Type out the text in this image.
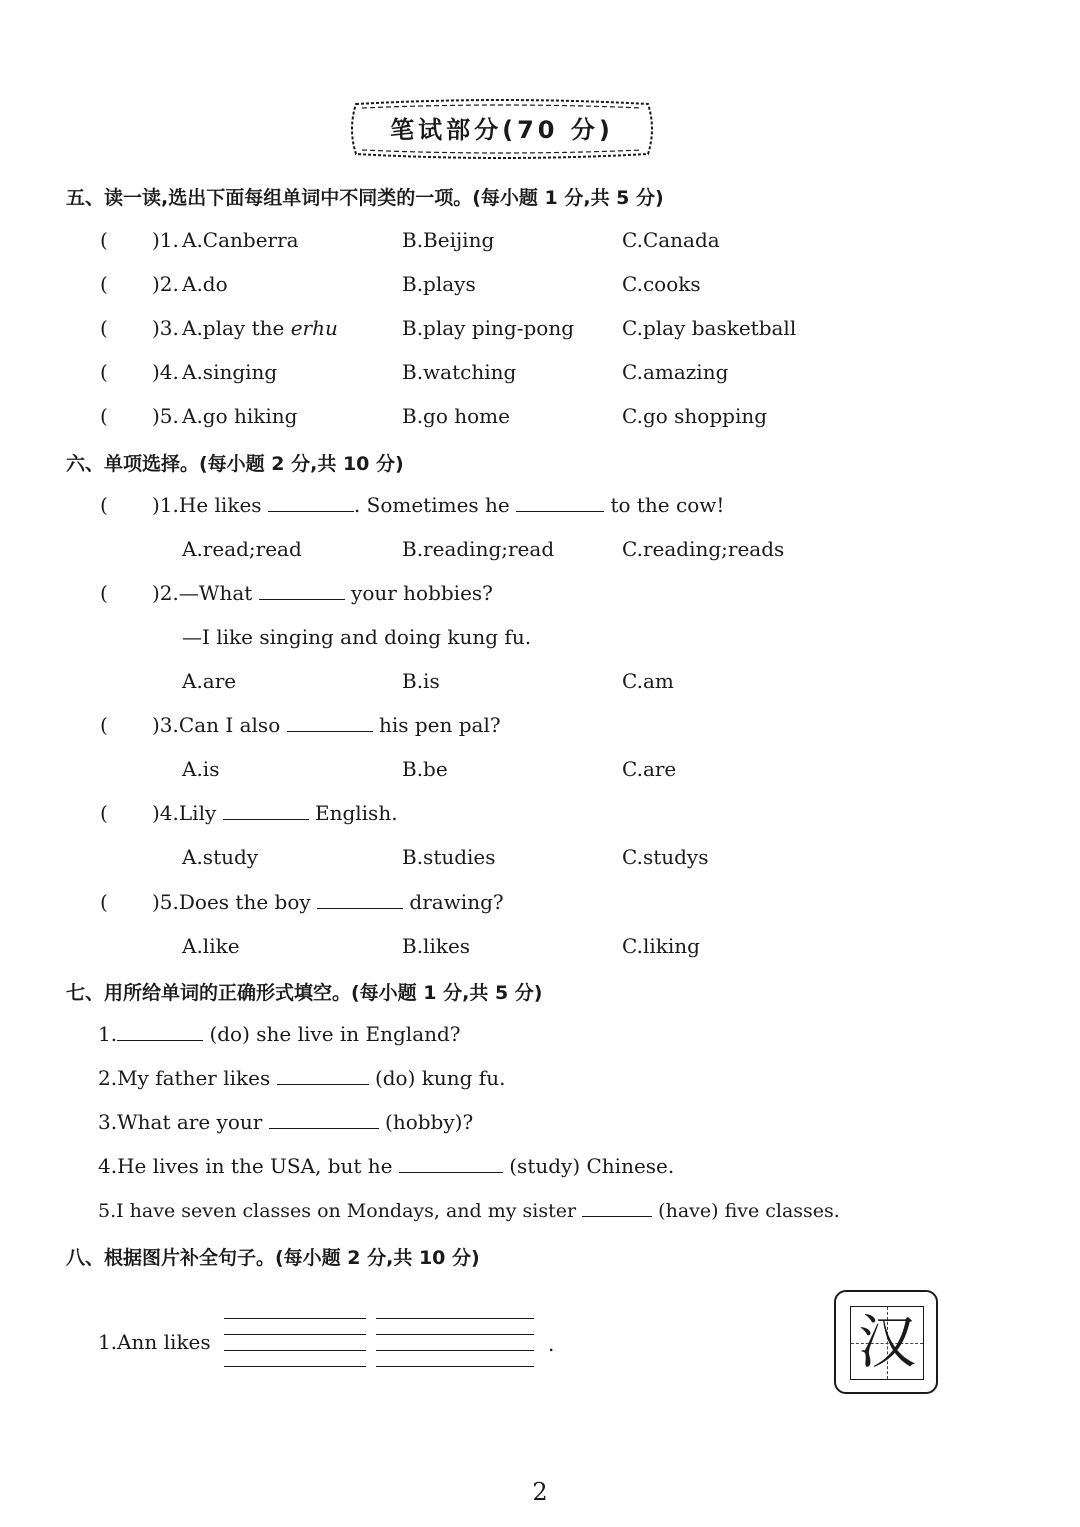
笔试部分(70 分)
五、读一读,选出下面每组单词中不同类的一项。(每小题 1 分,共 5 分)
( )1. A.Canberra	B.Beijing	C.Canada
( )2. A.do	B.plays	C.cooks
( )3. A.play the erhu	B.play ping-pong C.play basketball
( )4. A.singing	B.watching	C.amazing
( )5. A.go hiking	B.go home	C.go shopping
六、单项选择。(每小题 2 分,共 10 分)
( )1.He likes	. Sometimes he	to the cow!
A.read;read	B.reading;read	C.reading;reads
( )2.—What	your hobbies?
—I like singing and doing kung fu.
A.are	B.is	C.am
( )3.Can I also	his pen pal?
A.is	B.be	C.are
( )4.Lily	English.
A.study	B.studies	C.studys
( )5.Does the boy	drawing?
A.like	B.likes	C.liking
七、用所给单词的正确形式填空。(每小题 1 分,共 5 分)
1.	(do) she live in England?
2.My father likes	(do) kung fu.
3.What are your	(hobby)?
4.He lives in the USA, but he	(study) Chinese.
5.I have seven classes on Mondays, and my sister	(have) five classes.
八、根据图片补全句子。(每小题 2 分,共 10 分)
1.Ann likes	.	汉
2
